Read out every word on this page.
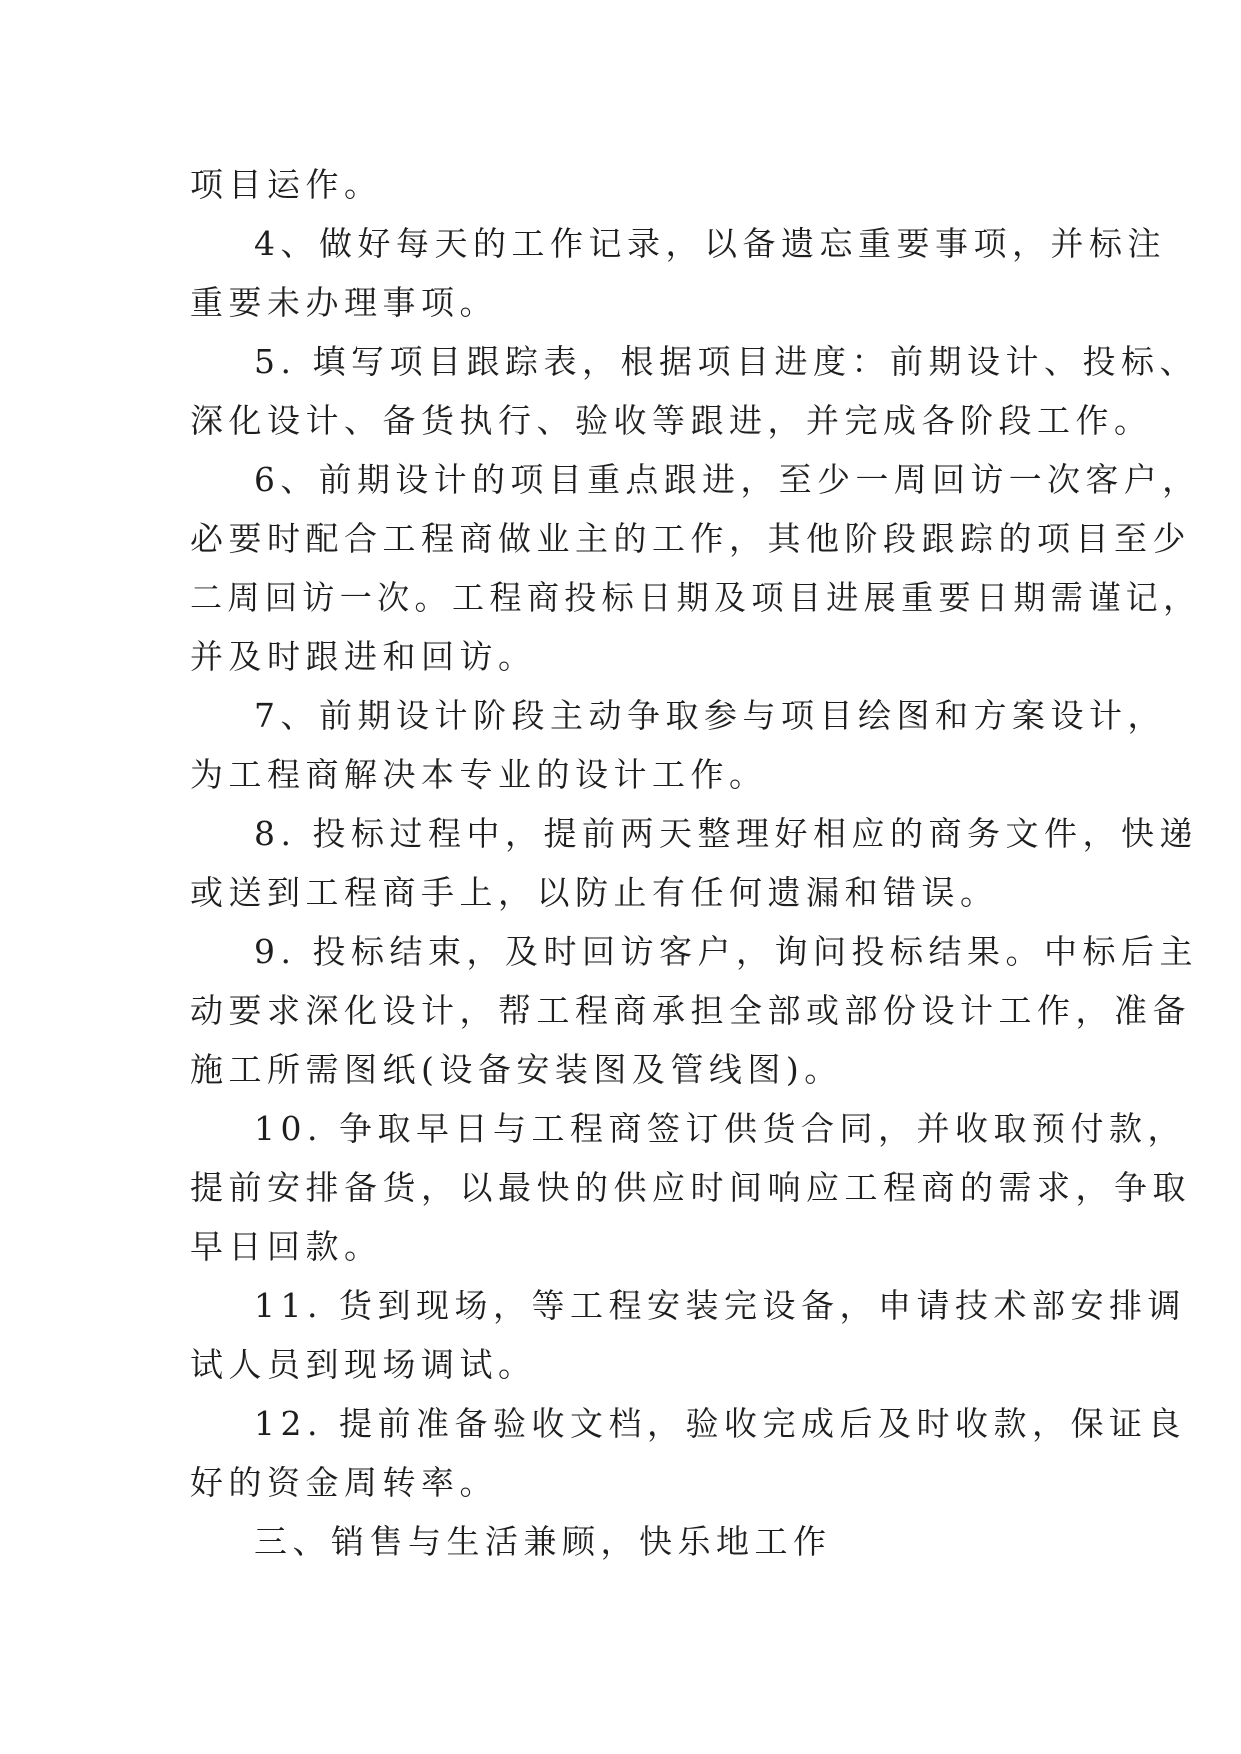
项目运作。
4、做好每天的工作记录，以备遗忘重要事项，并标注
重要未办理事项。
5. 填写项目跟踪表，根据项目进度：前期设计、投标、
深化设计、备货执行、验收等跟进，并完成各阶段工作。
6、前期设计的项目重点跟进，至少一周回访一次客户，
必要时配合工程商做业主的工作，其他阶段跟踪的项目至少
二周回访一次。工程商投标日期及项目进展重要日期需谨记，
并及时跟进和回访。
7、前期设计阶段主动争取参与项目绘图和方案设计，
为工程商解决本专业的设计工作。
8. 投标过程中，提前两天整理好相应的商务文件，快递
或送到工程商手上，以防止有任何遗漏和错误。
9. 投标结束，及时回访客户，询问投标结果。中标后主
动要求深化设计，帮工程商承担全部或部份设计工作，准备
施工所需图纸(设备安装图及管线图)。
10. 争取早日与工程商签订供货合同，并收取预付款，
提前安排备货，以最快的供应时间响应工程商的需求，争取
早日回款。
11. 货到现场，等工程安装完设备，申请技术部安排调
试人员到现场调试。
12. 提前准备验收文档，验收完成后及时收款，保证良
好的资金周转率。
三、销售与生活兼顾，快乐地工作
